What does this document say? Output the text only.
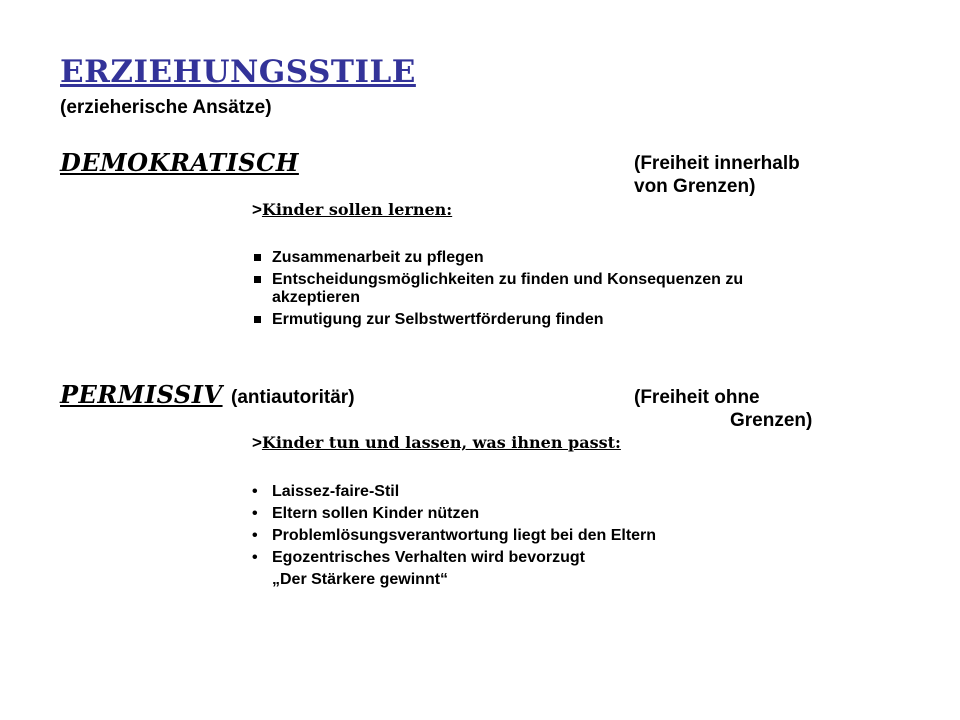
ERZIEHUNGSSTILE
(erzieherische Ansätze)
DEMOKRATISCH	(Freiheit innerhalb
von Grenzen)
>Kinder sollen lernen:
Zusammenarbeit zu pflegen
Entscheidungsmöglichkeiten zu finden und Konsequenzen zu
akzeptieren
Ermutigung zur Selbstwertförderung finden
PERMISSIV (antiautoritär)	(Freiheit ohne
Grenzen)
>Kinder tun und lassen, was ihnen passt:
• Laissez-faire-Stil
• Eltern sollen Kinder nützen
• Problemlösungsverantwortung liegt bei den Eltern
• Egozentrisches Verhalten wird bevorzugt
„Der Stärkere gewinnt“
